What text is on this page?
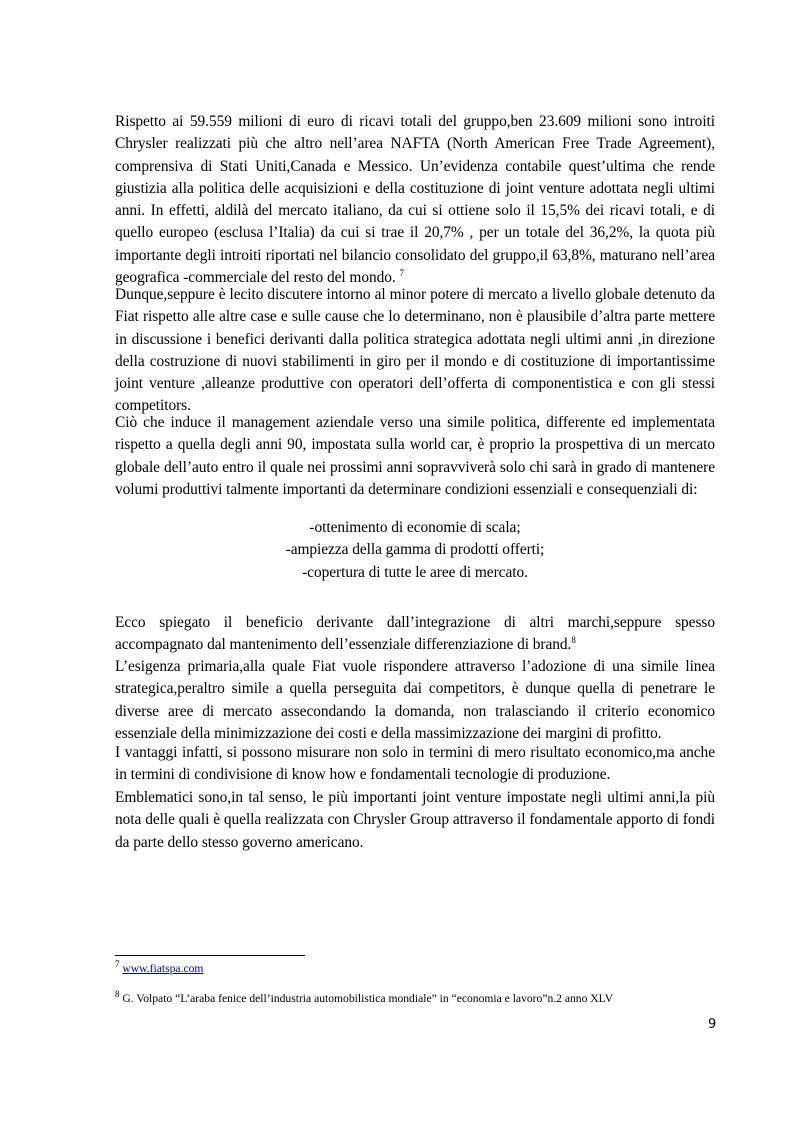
Rispetto ai 59.559 milioni di euro di ricavi totali del gruppo,ben 23.609 milioni sono introiti Chrysler realizzati più che altro nell’area NAFTA (North American Free Trade Agreement), comprensiva di Stati Uniti,Canada e Messico. Un’evidenza contabile quest’ultima che rende giustizia alla politica delle acquisizioni e della costituzione di joint venture adottata negli ultimi anni. In effetti, aldilà del mercato italiano, da cui si ottiene solo il 15,5% dei ricavi totali, e di quello europeo (esclusa l’Italia) da cui si trae il 20,7% , per un totale del 36,2%, la quota più importante degli introiti riportati nel bilancio consolidato del gruppo,il 63,8%, maturano nell’area geografica -commerciale del resto del mondo. $^7$

Dunque,seppure è lecito discutere intorno al minor potere di mercato a livello globale detenuto da Fiat rispetto alle altre case e sulle cause che lo determinano, non è plausibile d’altra parte mettere in discussione i benefici derivanti dalla politica strategica adottata negli ultimi anni ,in direzione della costruzione di nuovi stabilimenti in giro per il mondo e di costituzione di importantissime joint venture ,alleanze produttive con operatori dell’offerta di componentistica e con gli stessi competitors.

Ciò che induce il management aziendale verso una simile politica, differente ed implementata rispetto a quella degli anni 90, impostata sulla world car, è proprio la prospettiva di un mercato globale dell’auto entro il quale nei prossimi anni sopravviverà solo chi sarà in grado di mantenere volumi produttivi talmente importanti da determinare condizioni essenziali e consequenziali di:

-ottenimento di economie di scala;
-ampiezza della gamma di prodotti offerti;
-copertura di tutte le aree di mercato.

Ecco spiegato il beneficio derivante dall’integrazione di altri marchi,seppure spesso accompagnato dal mantenimento dell’essenziale differenziazione di brand.$^8$

L’esigenza primaria,alla quale Fiat vuole rispondere attraverso l’adozione di una simile linea strategica,peraltro simile a quella perseguita dai competitors, è dunque quella di penetrare le diverse aree di mercato assecondando la domanda, non tralasciando il criterio economico essenziale della minimizzazione dei costi e della massimizzazione dei margini di profitto.

I vantaggi infatti, si possono misurare non solo in termini di mero risultato economico,ma anche in termini di condivisione di know how e fondamentali tecnologie di produzione.

Emblematici sono,in tal senso, le più importanti joint venture impostate negli ultimi anni,la più nota delle quali è quella realizzata con Chrysler Group attraverso il fondamentale apporto di fondi da parte dello stesso governo americano.

$^7$ www.fiatspa.com
$^8$ G. Volpato “L’araba fenice dell’industria automobilistica mondiale” in “economia e lavoro”n.2 anno XLV
9
